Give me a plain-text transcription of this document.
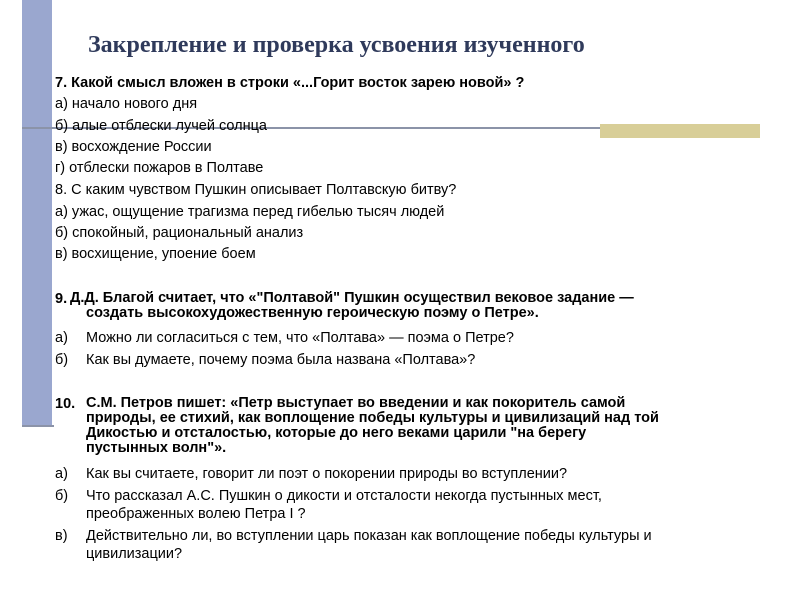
Закрепление и проверка усвоения изученного
7. Какой смысл вложен в строки «...Горит восток зарею новой» ?
а) начало нового дня
б) алые отблески лучей солнца
в) восхождение России
г) отблески пожаров в Полтаве
8. С каким чувством Пушкин описывает Полтавскую битву?
а) ужас, ощущение трагизма перед гибелью тысяч людей
б) спокойный, рациональный анализ
в) восхищение, упоение боем
9. Д.Д. Благой считает, что «"Полтавой" Пушкин осуществил вековое задание —
создать высокохудожественную героическую поэму о Петре».
а) Можно ли согласиться с тем, что «Полтава» — поэма о Петре?
б) Как вы думаете, почему поэма была названа «Полтава»?
10. С.М. Петров пишет: «Петр выступает во введении и как покоритель самой
природы, ее стихий, как воплощение победы культуры и цивилизаций над той
Дикостью и отсталостью, которые до него веками царили "на берегу
пустынных волн"».
а) Как вы считаете, говорит ли поэт о покорении природы во вступлении?
б) Что рассказал А.С. Пушкин о дикости и отсталости некогда пустынных мест,
преображенных волею Петра I ?
в) Действительно ли, во вступлении царь показан как воплощение победы культуры и
цивилизации?
